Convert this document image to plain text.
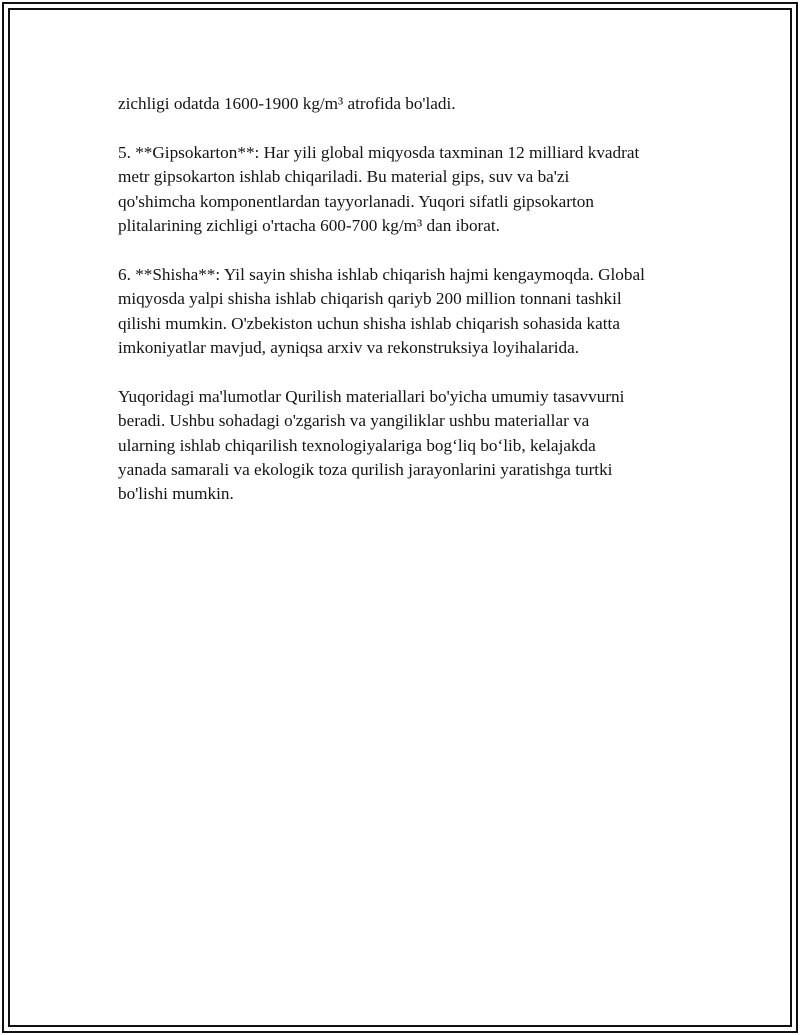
zichligi odatda 1600-1900 kg/m³ atrofida bo'ladi.

5. **Gipsokarton**: Har yili global miqyosda taxminan 12 milliard kvadrat
metr gipsokarton ishlab chiqariladi. Bu material gips, suv va ba'zi
qo'shimcha komponentlardan tayyorlanadi. Yuqori sifatli gipsokarton
plitalarining zichligi o'rtacha 600-700 kg/m³ dan iborat.

6. **Shisha**: Yil sayin shisha ishlab chiqarish hajmi kengaymoqda. Global
miqyosda yalpi shisha ishlab chiqarish qariyb 200 million tonnani tashkil
qilishi mumkin. O'zbekiston uchun shisha ishlab chiqarish sohasida katta
imkoniyatlar mavjud, ayniqsa arxiv va rekonstruksiya loyihalarida.

Yuqoridagi ma'lumotlar Qurilish materiallari bo'yicha umumiy tasavvurni
beradi. Ushbu sohadagi o'zgarish va yangiliklar ushbu materiallar va
ularning ishlab chiqarilish texnologiyalariga bog‘liq bo‘lib, kelajakda
yanada samarali va ekologik toza qurilish jarayonlarini yaratishga turtki
bo'lishi mumkin.
